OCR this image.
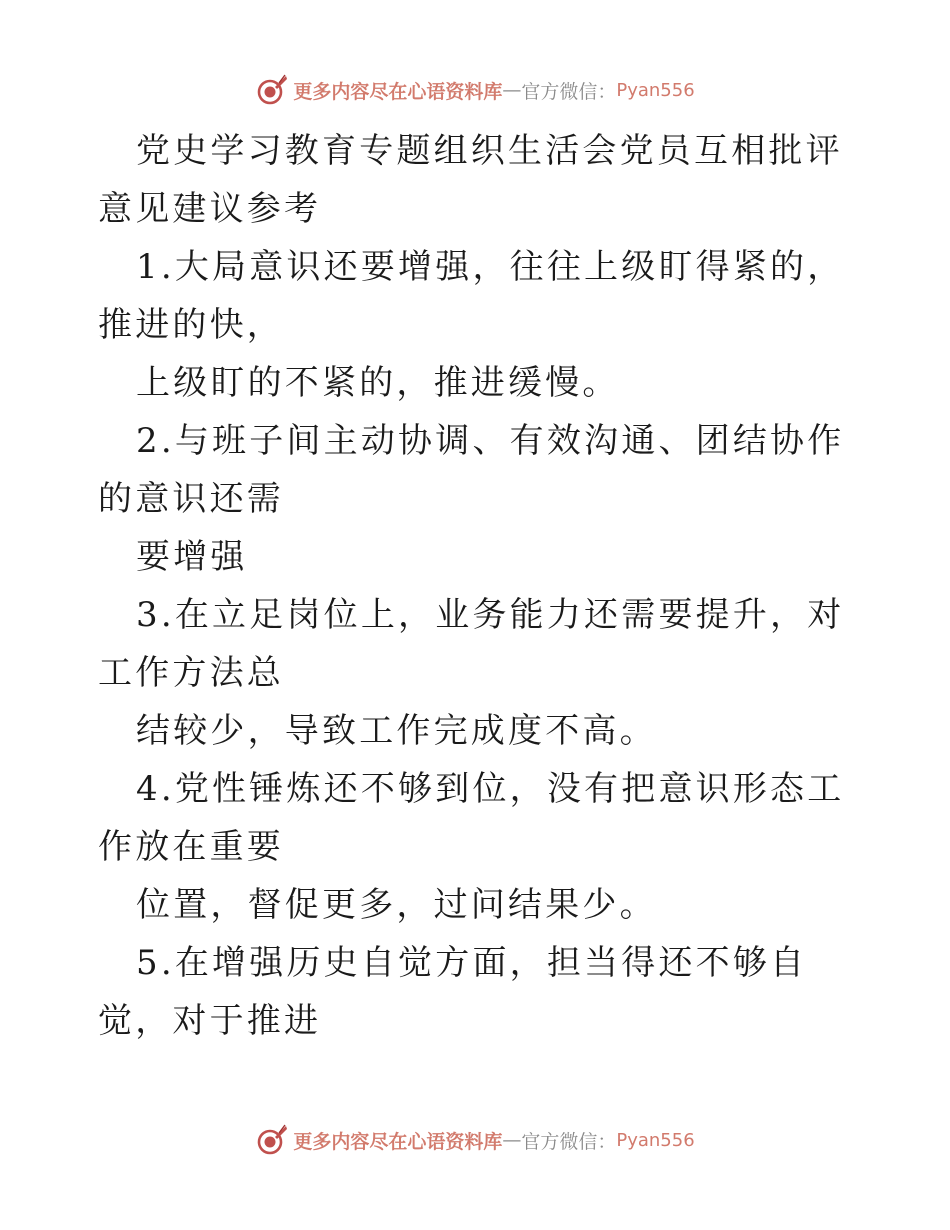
更多内容尽在心语资料库 — 官方微信： Pyan556

党史学习教育专题组织生活会党员互相批评意见建议参考

1.大局意识还要增强，往往上级盯得紧的，推进的快，

上级盯的不紧的，推进缓慢。

2.与班子间主动协调、有效沟通、团结协作的意识还需

要增强

3.在立足岗位上，业务能力还需要提升，对工作方法总

结较少，导致工作完成度不高。

4.党性锤炼还不够到位，没有把意识形态工作放在重要

位置，督促更多，过问结果少。

5.在增强历史自觉方面，担当得还不够自觉，对于推进

更多内容尽在心语资料库 — 官方微信： Pyan556
